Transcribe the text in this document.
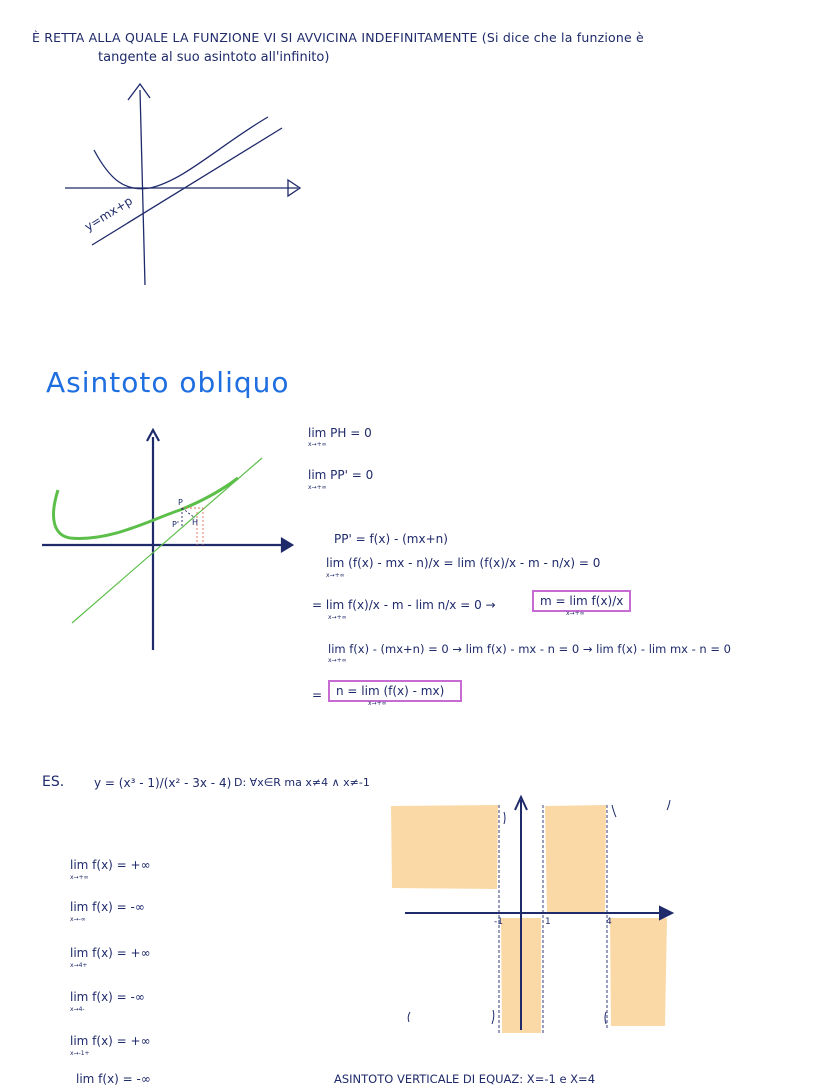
È RETTA ALLA QUALE LA FUNZIONE VI SI AVVICINA INDEFINITAMENTE (Si dice che la funzione è
tangente al suo asintoto all'infinito)
y=mx+p
Asintoto obliquo
P
P' H
lim PH = 0
x→+∞
lim PP' = 0
x→+∞
PP' = f(x) - (mx+n)
lim (f(x) - mx - n)/x = lim (f(x)/x - m - n/x) = 0
x→+∞
= lim f(x)/x - m - lim n/x = 0 →
x→+∞
m = lim f(x)/x
x→+∞
lim f(x) - (mx+n) = 0 → lim f(x) - mx - n = 0 → lim f(x) - lim mx - n = 0
x→+∞
=	n = lim (f(x) - mx)
x→+∞
ES. y = (x³ - 1)/(x² - 3x - 4) D: ∀x∈R ma x≠4 ∧ x≠-1
lim f(x) = +∞
x→+∞
lim f(x) = -∞
x→-∞
lim f(x) = +∞
x→4+
lim f(x) = -∞
x→4-
lim f(x) = +∞
x→-1+
lim f(x) = -∞
-1	1	4
ASINTOTO VERTICALE DI EQUAZ: X=-1 e X=4
